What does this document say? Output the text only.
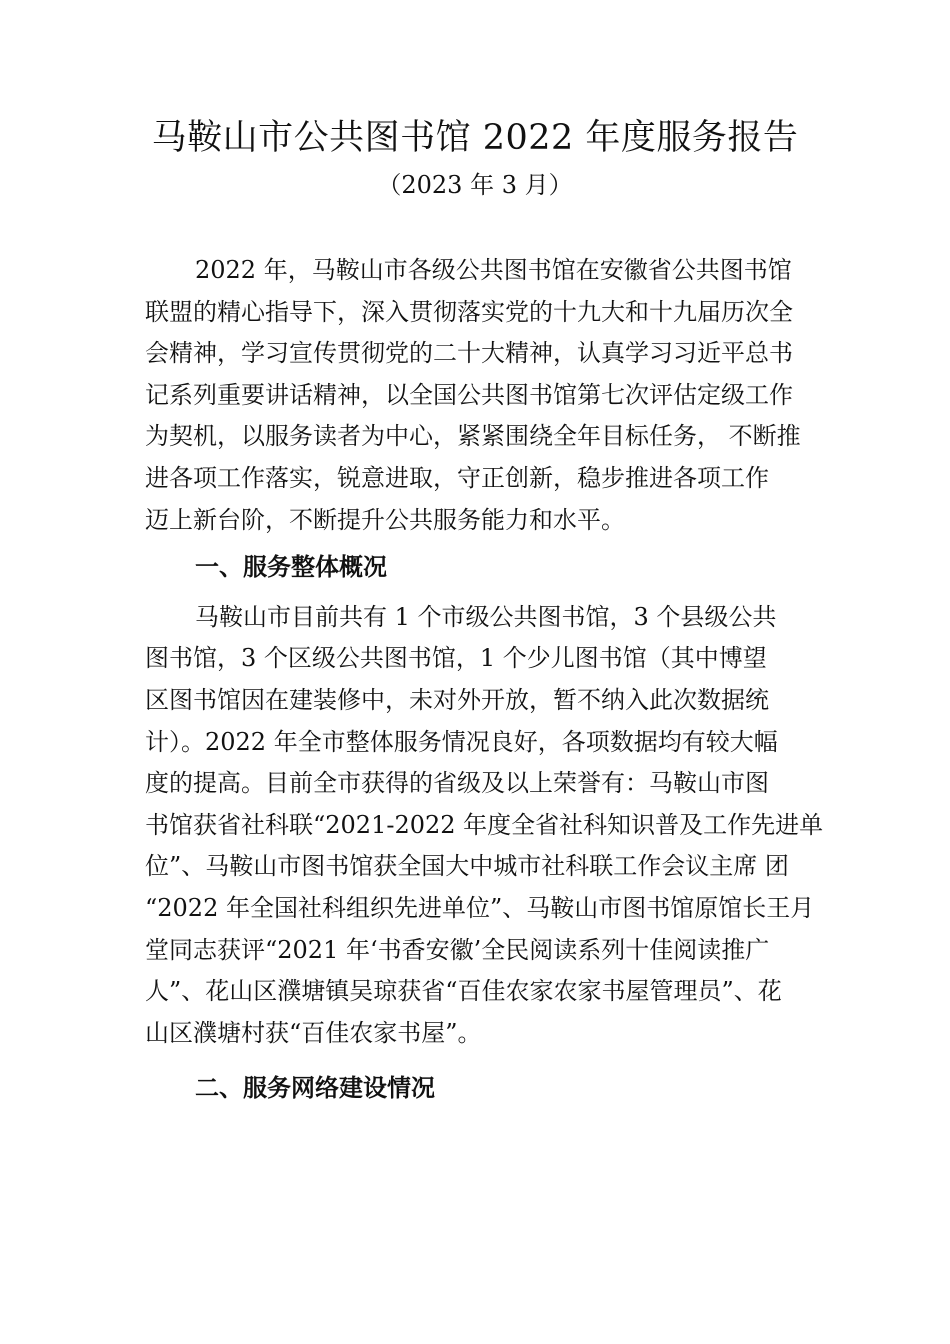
马鞍山市公共图书馆 2022 年度服务报告
（2023 年 3 月）

2022 年，马鞍山市各级公共图书馆在安徽省公共图书馆
联盟的精心指导下，深入贯彻落实党的十九大和十九届历次全
会精神，学习宣传贯彻党的二十大精神，认真学习习近平总书
记系列重要讲话精神，以全国公共图书馆第七次评估定级工作
为契机，以服务读者为中心，紧紧围绕全年目标任务， 不断推
进各项工作落实，锐意进取，守正创新，稳步推进各项工作
迈上新台阶，不断提升公共服务能力和水平。

一、服务整体概况

马鞍山市目前共有 1 个市级公共图书馆，3 个县级公共
图书馆，3 个区级公共图书馆，1 个少儿图书馆（其中博望
区图书馆因在建装修中，未对外开放，暂不纳入此次数据统
计）。2022 年全市整体服务情况良好，各项数据均有较大幅
度的提高。目前全市获得的省级及以上荣誉有：马鞍山市图
书馆获省社科联“2021-2022 年度全省社科知识普及工作先进单
位”、马鞍山市图书馆获全国大中城市社科联工作会议主席 团
“2022 年全国社科组织先进单位”、马鞍山市图书馆原馆长王月
堂同志获评“2021 年‘书香安徽’全民阅读系列十佳阅读推广
人”、花山区濮塘镇吴琼获省“百佳农家农家书屋管理员”、花
山区濮塘村获“百佳农家书屋”。

二、服务网络建设情况
